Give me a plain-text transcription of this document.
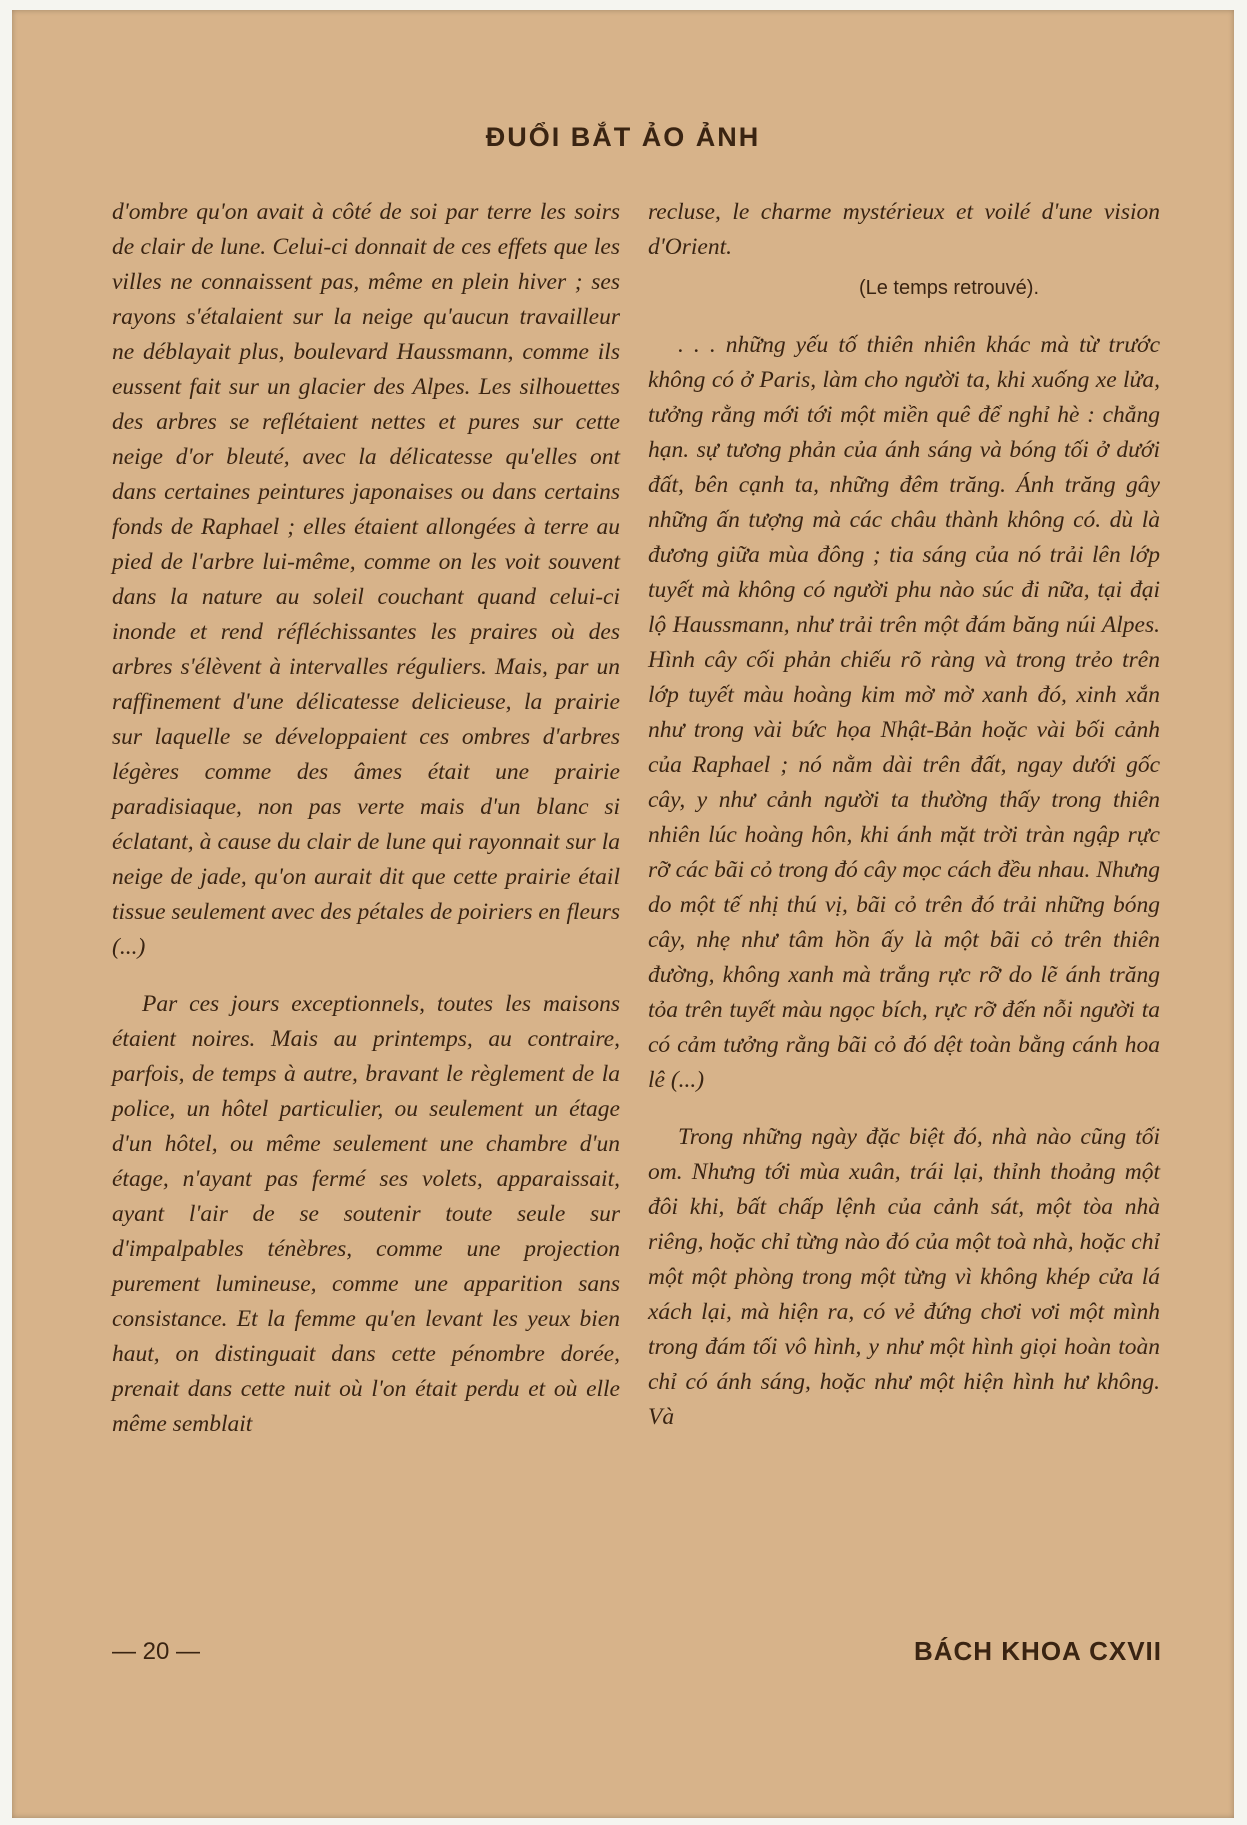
ĐUỔI BẮT ẢO ẢNH

d'ombre qu'on avait à côté de soi par terre les soirs de clair de lune. Celui-ci donnait de ces effets que les villes ne connaissent pas, même en plein hiver ; ses rayons s'étalaient sur la neige qu'aucun travailleur ne déblayait plus, boulevard Haussmann, comme ils eussent fait sur un glacier des Alpes. Les silhouettes des arbres se reflétaient nettes et pures sur cette neige d'or bleuté, avec la délicatesse qu'elles ont dans certaines peintures japonaises ou dans certains fonds de Raphael ; elles étaient allongées à terre au pied de l'arbre lui-même, comme on les voit souvent dans la nature au soleil couchant quand celui-ci inonde et rend réfléchissantes les praires où des arbres s'élèvent à intervalles réguliers. Mais, par un raffinement d'une délicatesse delicieuse, la prairie sur laquelle se développaient ces ombres d'arbres légères comme des âmes était une prairie paradisiaque, non pas verte mais d'un blanc si éclatant, à cause du clair de lune qui rayonnait sur la neige de jade, qu'on aurait dit que cette prairie étail tissue seulement avec des pétales de poiriers en fleurs (...)

Par ces jours exceptionnels, toutes les maisons étaient noires. Mais au printemps, au contraire, parfois, de temps à autre, bravant le règlement de la police, un hôtel particulier, ou seulement un étage d'un hôtel, ou même seulement une chambre d'un étage, n'ayant pas fermé ses volets, apparaissait, ayant l'air de se soutenir toute seule sur d'impalpables ténèbres, comme une projection purement lumineuse, comme une apparition sans consistance. Et la femme qu'en levant les yeux bien haut, on distinguait dans cette pénombre dorée, prenait dans cette nuit où l'on était perdu et où elle même semblait

recluse, le charme mystérieux et voilé d'une vision d'Orient.

(Le temps retrouvé).

. . . những yếu tố thiên nhiên khác mà từ trước không có ở Paris, làm cho người ta, khi xuống xe lửa, tưởng rằng mới tới một miền quê để nghỉ hè : chẳng hạn. sự tương phản của ánh sáng và bóng tối ở dưới đất, bên cạnh ta, những đêm trăng. Ánh trăng gây những ấn tượng mà các châu thành không có. dù là đương giữa mùa đông ; tia sáng của nó trải lên lớp tuyết mà không có người phu nào súc đi nữa, tại đại lộ Haussmann, như trải trên một đám băng núi Alpes. Hình cây cối phản chiếu rõ ràng và trong trẻo trên lớp tuyết màu hoàng kim mờ mờ xanh đó, xinh xắn như trong vài bức họa Nhật-Bản hoặc vài bối cảnh của Raphael ; nó nằm dài trên đất, ngay dưới gốc cây, y như cảnh người ta thường thấy trong thiên nhiên lúc hoàng hôn, khi ánh mặt trời tràn ngập rực rỡ các bãi cỏ trong đó cây mọc cách đều nhau. Nhưng do một tế nhị thú vị, bãi cỏ trên đó trải những bóng cây, nhẹ như tâm hồn ấy là một bãi cỏ trên thiên đường, không xanh mà trắng rực rỡ do lẽ ánh trăng tỏa trên tuyết màu ngọc bích, rực rỡ đến nỗi người ta có cảm tưởng rằng bãi cỏ đó dệt toàn bằng cánh hoa lê (...)

Trong những ngày đặc biệt đó, nhà nào cũng tối om. Nhưng tới mùa xuân, trái lại, thỉnh thoảng một đôi khi, bất chấp lệnh của cảnh sát, một tòa nhà riêng, hoặc chỉ từng nào đó của một toà nhà, hoặc chỉ một một phòng trong một từng vì không khép cửa lá xách lại, mà hiện ra, có vẻ đứng chơi vơi một mình trong đám tối vô hình, y như một hình giọi hoàn toàn chỉ có ánh sáng, hoặc như một hiện hình hư không. Và

— 20 —	BÁCH KHOA CXVII
